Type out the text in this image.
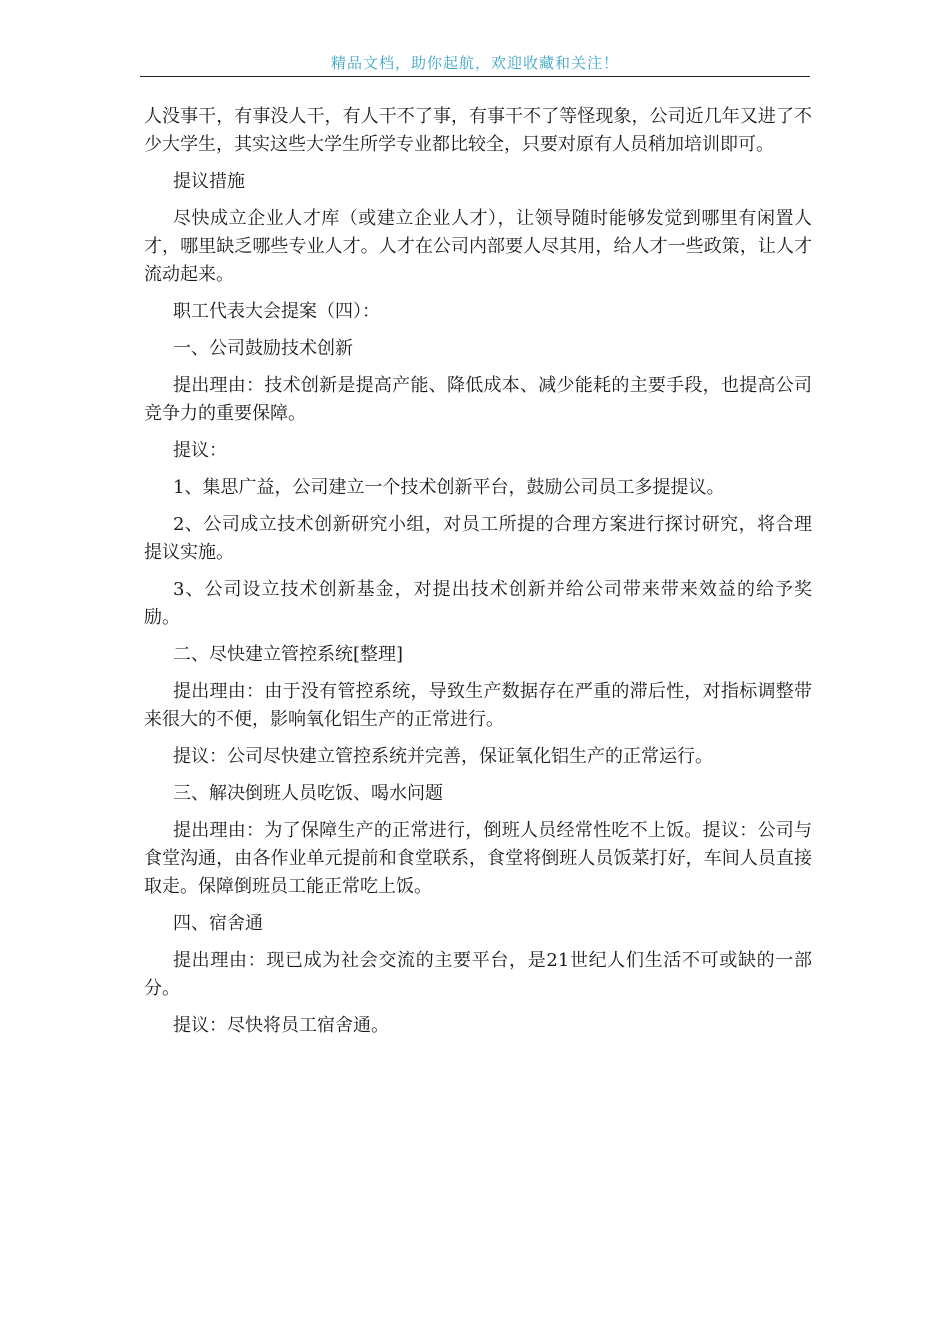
精品文档，助你起航，欢迎收藏和关注！

人没事干，有事没人干，有人干不了事，有事干不了等怪现象，公司近几年又进了不少大学生，其实这些大学生所学专业都比较全，只要对原有人员稍加培训即可。

提议措施

尽快成立企业人才库（或建立企业人才），让领导随时能够发觉到哪里有闲置人才，哪里缺乏哪些专业人才。人才在公司内部要人尽其用，给人才一些政策，让人才流动起来。

职工代表大会提案（四）：

一、公司鼓励技术创新

提出理由：技术创新是提高产能、降低成本、减少能耗的主要手段，也提高公司竞争力的重要保障。

提议：

1、集思广益，公司建立一个技术创新平台，鼓励公司员工多提提议。

2、公司成立技术创新研究小组，对员工所提的合理方案进行探讨研究，将合理提议实施。

3、公司设立技术创新基金，对提出技术创新并给公司带来带来效益的给予奖励。

二、尽快建立管控系统[整理]

提出理由：由于没有管控系统，导致生产数据存在严重的滞后性，对指标调整带来很大的不便，影响氧化铝生产的正常进行。

提议：公司尽快建立管控系统并完善，保证氧化铝生产的正常运行。

三、解决倒班人员吃饭、喝水问题

提出理由：为了保障生产的正常进行，倒班人员经常性吃不上饭。提议：公司与食堂沟通，由各作业单元提前和食堂联系，食堂将倒班人员饭菜打好，车间人员直接取走。保障倒班员工能正常吃上饭。

四、宿舍通

提出理由：现已成为社会交流的主要平台，是21世纪人们生活不可或缺的一部分。

提议：尽快将员工宿舍通。
